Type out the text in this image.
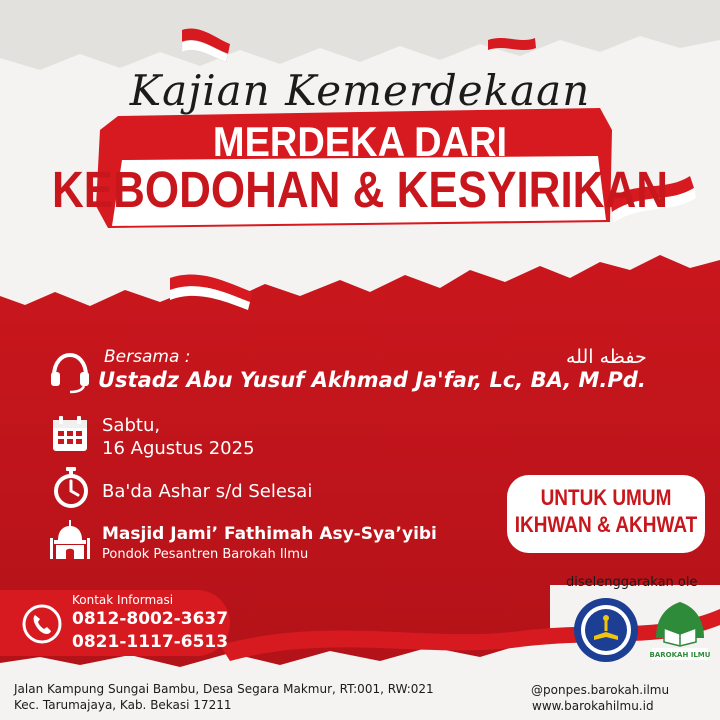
Kajian Kemerdekaan
MERDEKA DARI
KEBODOHAN & KESYIRIKAN
Bersama :	حفظه الله
Ustadz Abu Yusuf Akhmad Ja'far, Lc, BA, M.Pd.
Sabtu,
16 Agustus 2025
Ba'da Ashar s/d Selesai
Masjid Jami’ Fathimah Asy-Sya’yibi
Pondok Pesantren Barokah Ilmu
UNTUK UMUM
IKHWAN & AKHWAT
Kontak Informasi
0812-8002-3637
0821-1117-6513
diselenggarakan ole
BAROKAH ILMU
Jalan Kampung Sungai Bambu, Desa Segara Makmur, RT:001, RW:021
Kec. Tarumajaya, Kab. Bekasi 17211
@ponpes.barokah.ilmu
www.barokahilmu.id
